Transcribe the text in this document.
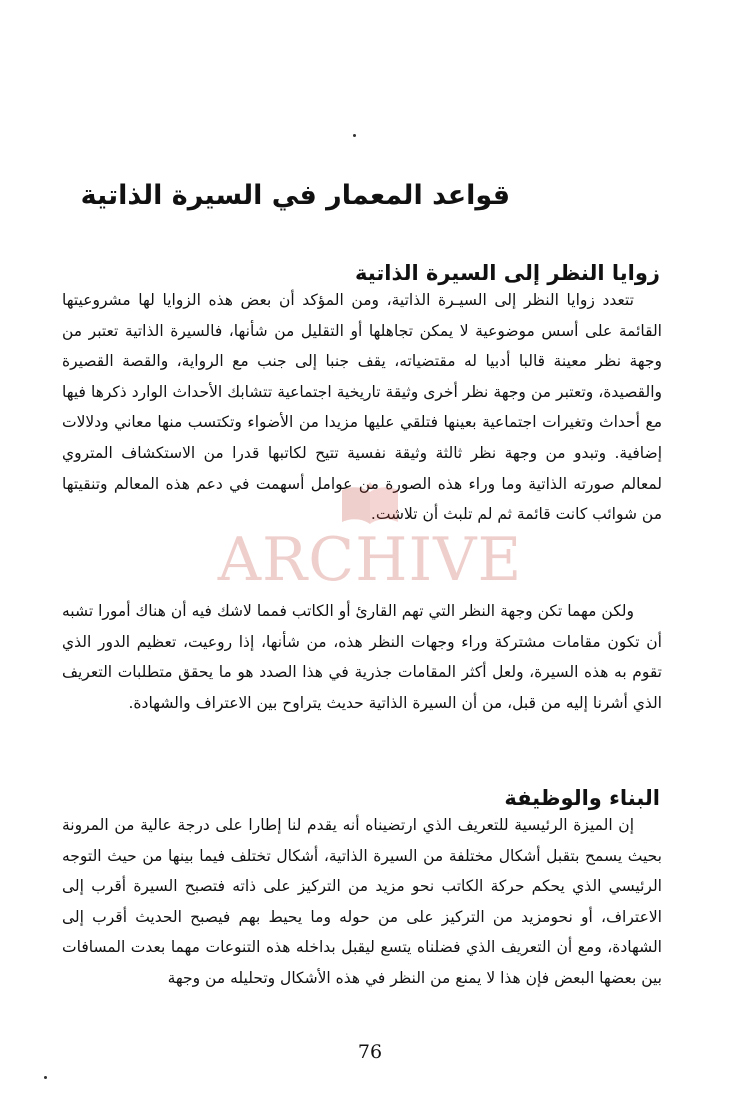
قواعد المعمار في السيرة الذاتية
زوايا النظر إلى السيرة الذاتية

تتعدد زوايا النظر إلى السيـرة الذاتية، ومن المؤكد أن بعض هذه الزوايا لها مشروعيتها القائمة على أسس موضوعية لا يمكن تجاهلها أو التقليل من شأنها، فالسيرة الذاتية تعتبر من وجهة نظر معينة قالبا أدبيا له مقتضياته، يقف جنبا إلى جنب مع الرواية، والقصة القصيرة والقصيدة، وتعتبر من وجهة نظر أخرى وثيقة تاريخية اجتماعية تتشابك الأحداث الوارد ذكرها فيها مع أحداث وتغيرات اجتماعية بعينها فتلقي عليها مزيدا من الأضواء وتكتسب منها معاني ودلالات إضافية. وتبدو من وجهة نظر ثالثة وثيقة نفسية تتيح لكاتبها قدرا من الاستكشاف المتروي لمعالم صورته الذاتية وما وراء هذه الصورة من عوامل أسهمت في دعم هذه المعالم وتنقيتها من شوائب كانت قائمة ثم لم تلبث أن تلاشت.

ولكن مهما تكن وجهة النظر التي تهم القارئ أو الكاتب فمما لاشك فيه أن هناك أمورا تشبه أن تكون مقامات مشتركة وراء وجهات النظر هذه، من شأنها، إذا روعيت، تعظيم الدور الذي تقوم به هذه السيرة، ولعل أكثر المقامات جذرية في هذا الصدد هو ما يحقق متطلبات التعريف الذي أشرنا إليه من قبل، من أن السيرة الذاتية حديث يتراوح بين الاعتراف والشهادة.

البناء والوظيفة

إن الميزة الرئيسية للتعريف الذي ارتضيناه أنه يقدم لنا إطارا على درجة عالية من المرونة بحيث يسمح بتقبل أشكال مختلفة من السيرة الذاتية، أشكال تختلف فيما بينها من حيث التوجه الرئيسي الذي يحكم حركة الكاتب نحو مزيد من التركيز على ذاته فتصبح السيرة أقرب إلى الاعتراف، أو نحومزيد من التركيز على من حوله وما يحيط بهم فيصبح الحديث أقرب إلى الشهادة، ومع أن التعريف الذي فضلناه يتسع ليقبل بداخله هذه التنوعات مهما بعدت المسافات بين بعضها البعض فإن هذا لا يمنع من النظر في هذه الأشكال وتحليله من وجهة

ARCHIVE
76
